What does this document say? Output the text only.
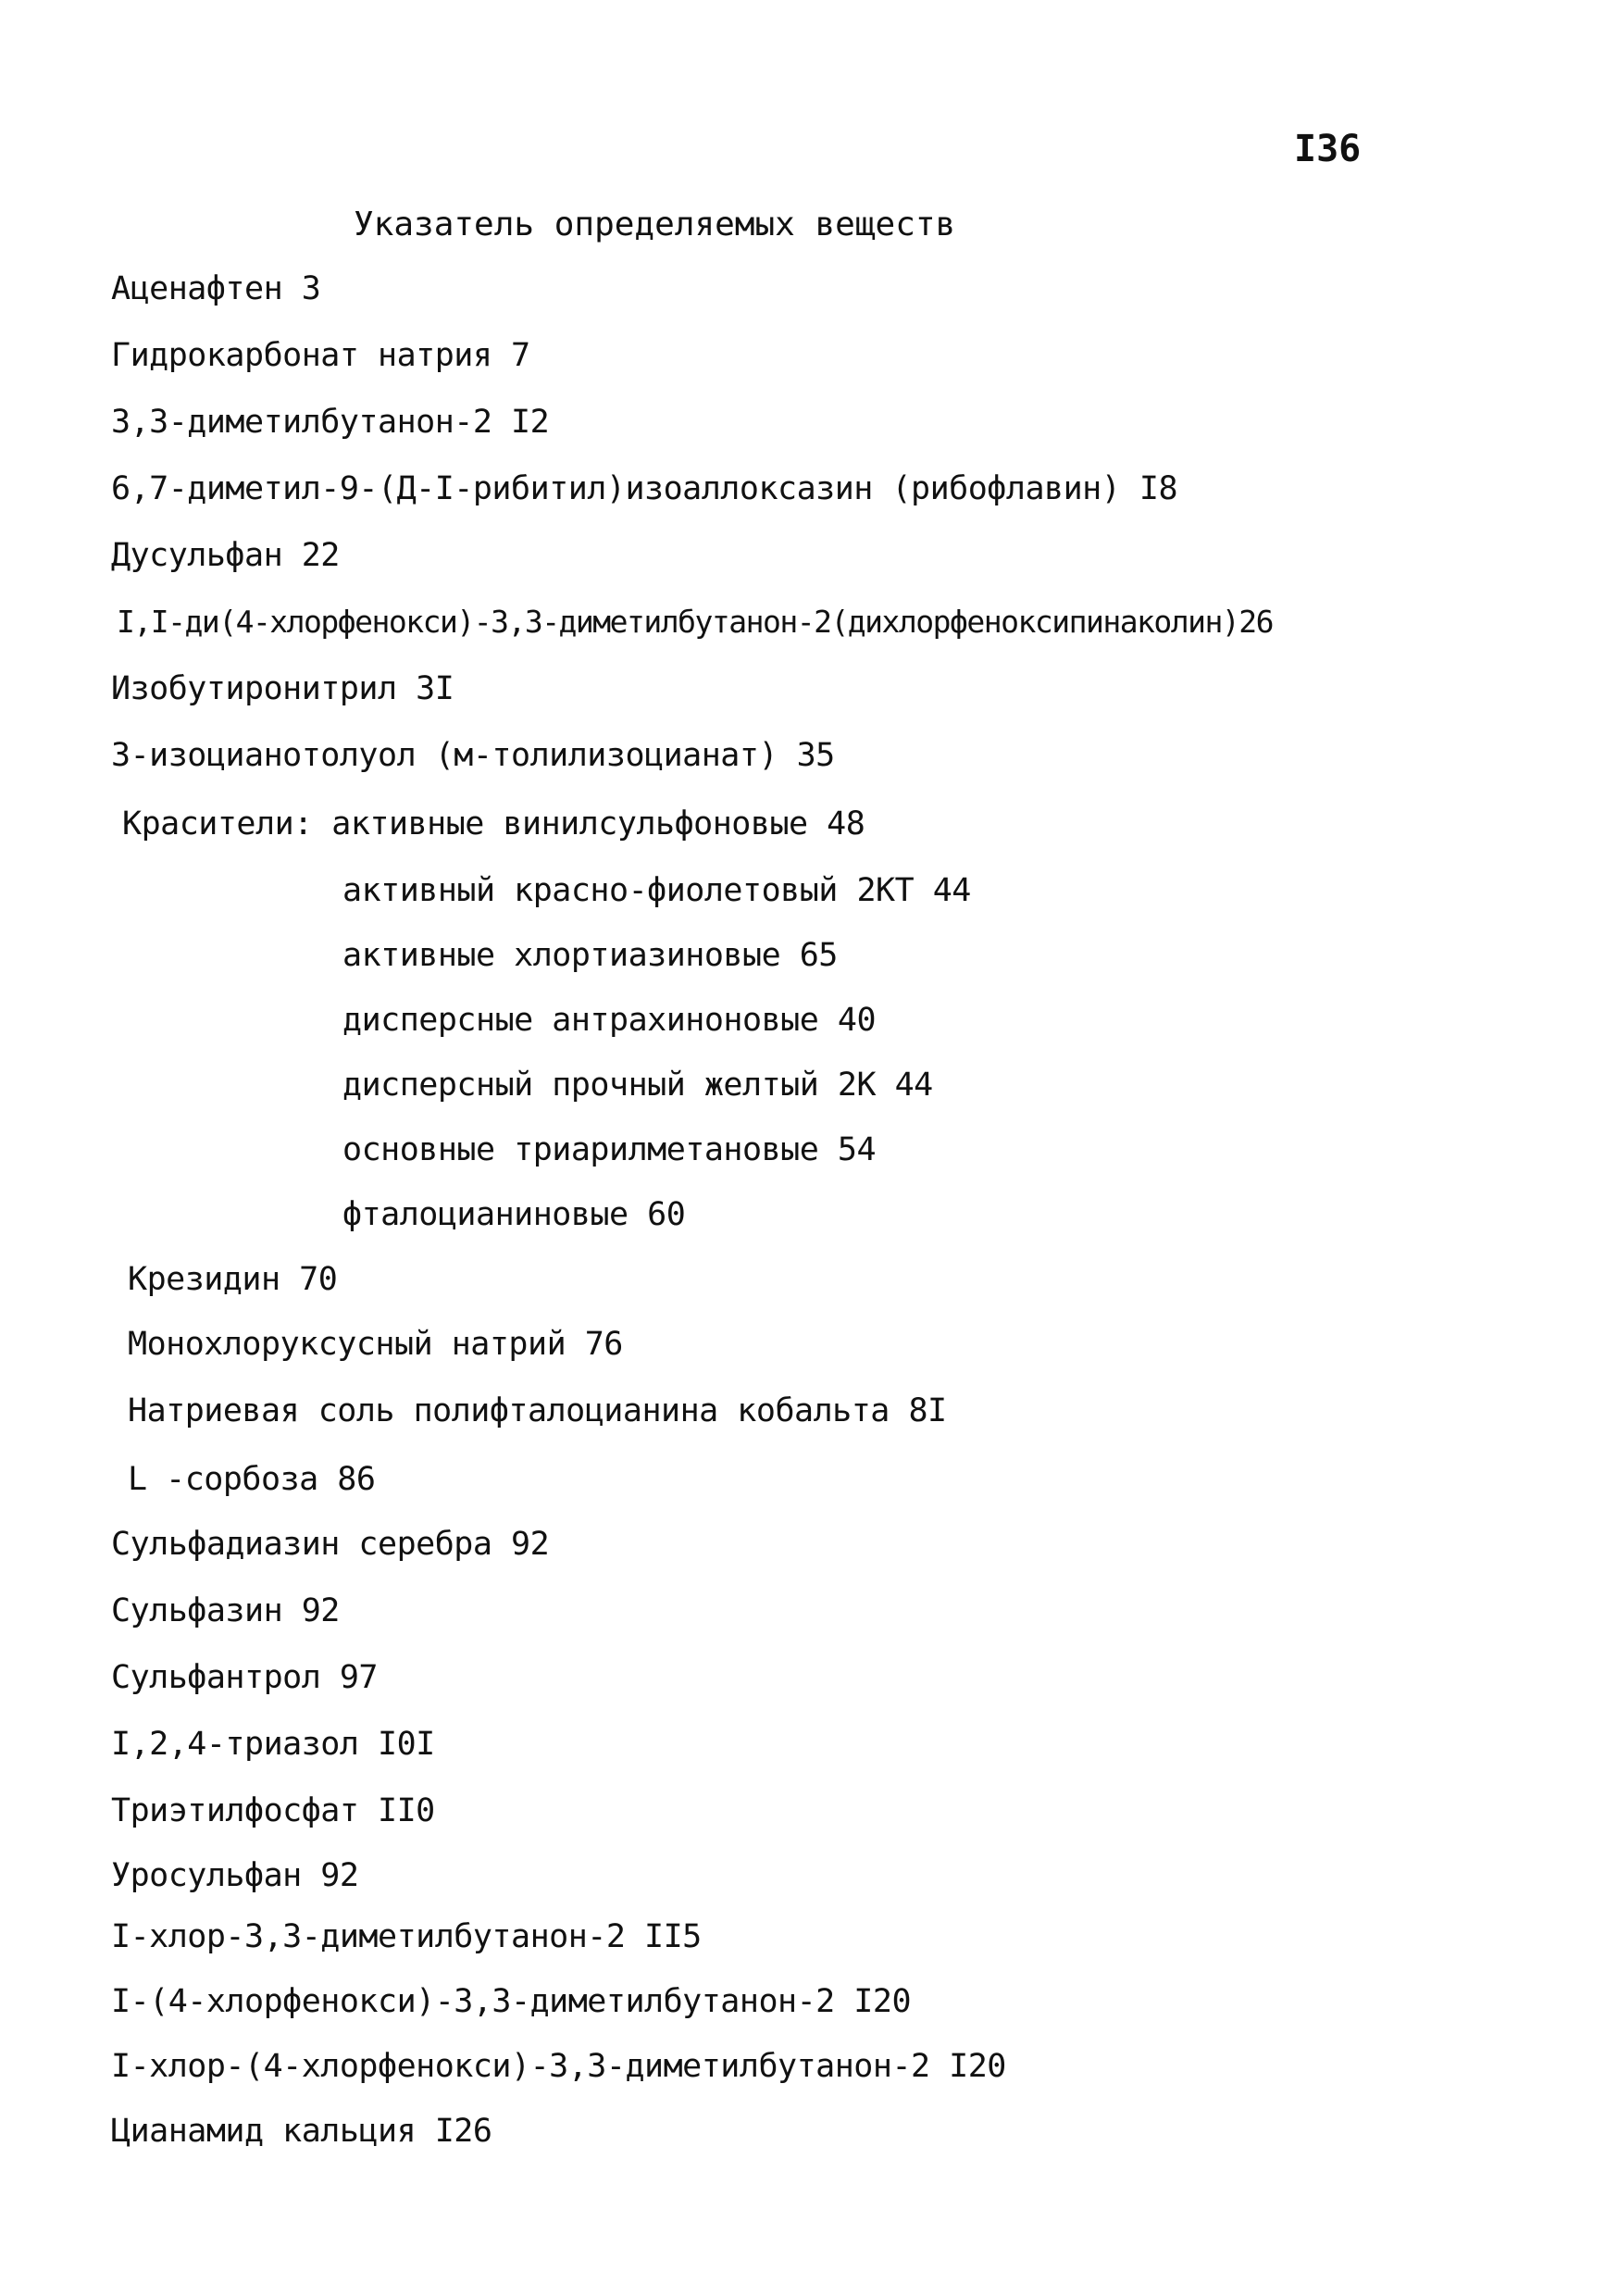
I36
Указатель определяемых веществ
Аценафтен 3
Гидрокарбонат натрия 7
3,3-диметилбутанон-2 I2
6,7-диметил-9-(Д-I-рибитил)изоаллоксазин (рибофлавин) I8
Дусульфан 22
I,I-ди(4-хлорфенокси)-3,3-диметилбутанон-2(дихлорфеноксипинаколин)26
Изобутиронитрил 3I
3-изоцианотолуол (м-толилизоцианат) 35
Красители: активные винилсульфоновые 48
активный красно-фиолетовый 2КТ 44
активные хлортиазиновые 65
дисперсные антрахиноновые 40
дисперсный прочный желтый 2К 44
основные триарилметановые 54
фталоцианиновые 60
Крезидин 70
Монохлоруксусный натрий 76
Натриевая соль полифталоцианина кобальта 8I
L -сорбоза 86
Сульфадиазин серебра 92
Сульфазин 92
Сульфантрол 97
I,2,4-триазол I0I
Триэтилфосфат II0
Уросульфан 92
I-хлор-3,3-диметилбутанон-2 II5
I-(4-хлорфенокси)-3,3-диметилбутанон-2 I20
I-хлор-(4-хлорфенокси)-3,3-диметилбутанон-2 I20
Цианамид кальция I26
